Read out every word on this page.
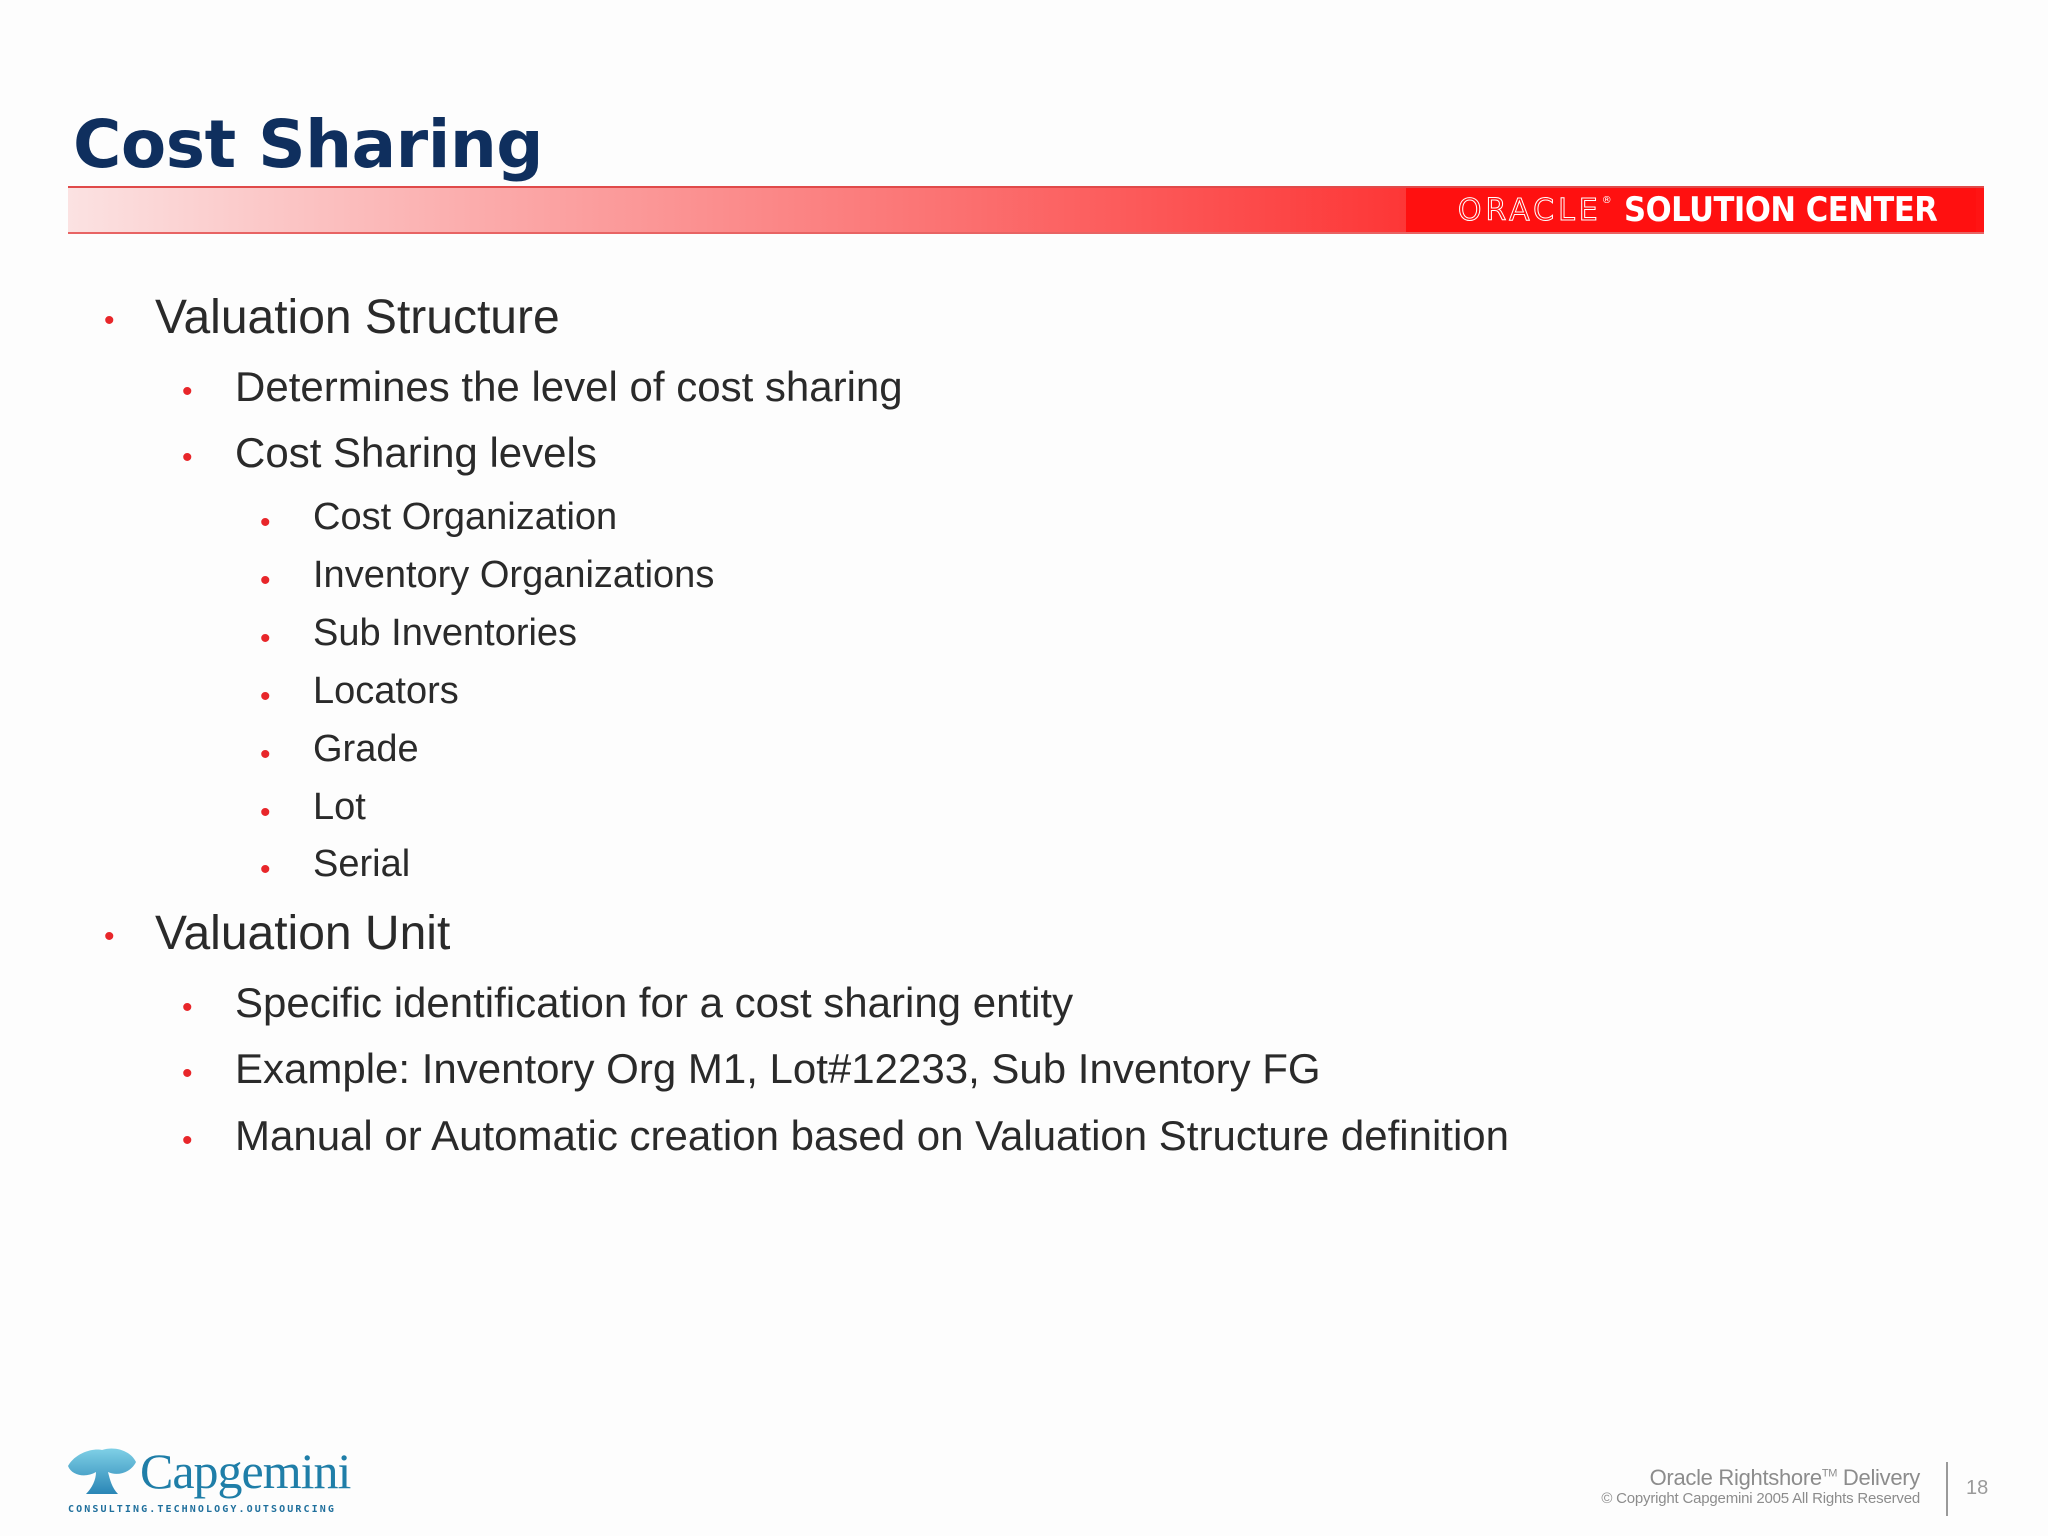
Cost Sharing
ORACLE ® SOLUTION CENTER
• Valuation Structure
• Determines the level of cost sharing
• Cost Sharing levels
• Cost Organization
• Inventory Organizations
• Sub Inventories
• Locators
• Grade
• Lot
• Serial
• Valuation Unit
• Specific identification for a cost sharing entity
• Example: Inventory Org M1, Lot#12233, Sub Inventory FG
• Manual or Automatic creation based on Valuation Structure definition
Capgemini
CONSULTING.TECHNOLOGY.OUTSOURCING
Oracle Rightshore™ Delivery
© Copyright Capgemini 2005 All Rights Reserved 18
